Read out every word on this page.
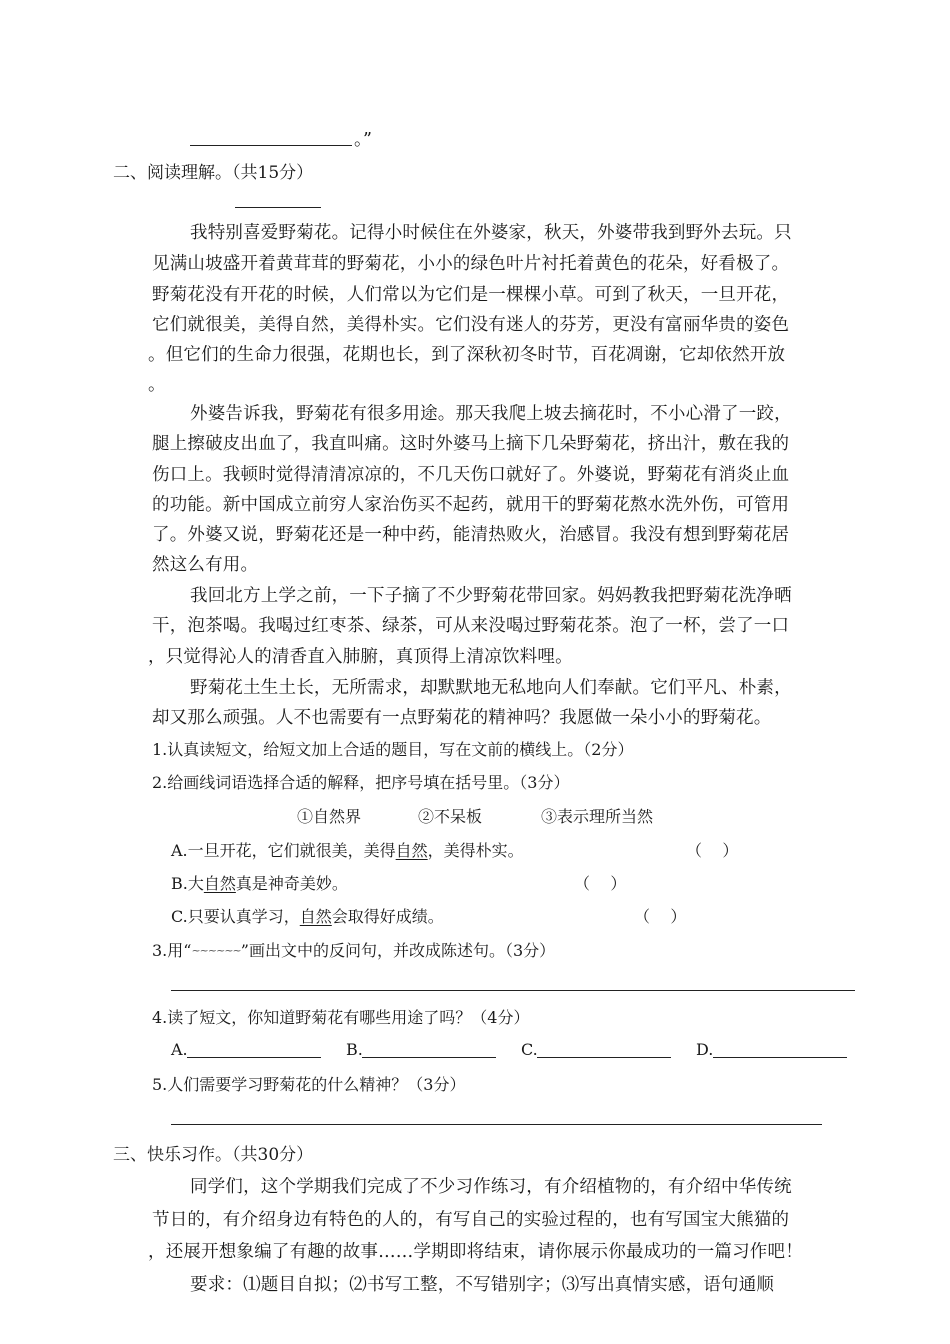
。”
二、阅读理解。（共15分）
我特别喜爱野菊花。记得小时候住在外婆家，秋天，外婆带我到野外去玩。只
见满山坡盛开着黄茸茸的野菊花，小小的绿色叶片衬托着黄色的花朵，好看极了。
野菊花没有开花的时候，人们常以为它们是一棵棵小草。可到了秋天，一旦开花，
它们就很美，美得自然，美得朴实。它们没有迷人的芬芳，更没有富丽华贵的姿色
。但它们的生命力很强，花期也长，到了深秋初冬时节，百花凋谢，它却依然开放
。
外婆告诉我，野菊花有很多用途。那天我爬上坡去摘花时，不小心滑了一跤，
腿上擦破皮出血了，我直叫痛。这时外婆马上摘下几朵野菊花，挤出汁，敷在我的
伤口上。我顿时觉得清清凉凉的，不几天伤口就好了。外婆说，野菊花有消炎止血
的功能。新中国成立前穷人家治伤买不起药，就用干的野菊花熬水洗外伤，可管用
了。外婆又说，野菊花还是一种中药，能清热败火，治感冒。我没有想到野菊花居
然这么有用。
我回北方上学之前，一下子摘了不少野菊花带回家。妈妈教我把野菊花洗净晒
干，泡茶喝。我喝过红枣茶、绿茶，可从来没喝过野菊花茶。泡了一杯，尝了一口
，只觉得沁人的清香直入肺腑，真顶得上清凉饮料哩。
野菊花土生土长，无所需求，却默默地无私地向人们奉献。它们平凡、朴素，
却又那么顽强。人不也需要有一点野菊花的精神吗？我愿做一朵小小的野菊花。
1.认真读短文，给短文加上合适的题目，写在文前的横线上。（2分）
2.给画线词语选择合适的解释，把序号填在括号里。（3分）
①自然界	②不呆板	③表示理所当然
A.一旦开花，它们就很美，美得自然，美得朴实。	（    ）
B.大自然真是神奇美妙。	（    ）
C.只要认真学习，自然会取得好成绩。	（    ）
3.用“~~~~~~”画出文中的反问句，并改成陈述句。（3分）
4.读了短文，你知道野菊花有哪些用途了吗？（4分）
A.	B.	C.	D.
5.人们需要学习野菊花的什么精神？（3分）
三、快乐习作。（共30分）
同学们，这个学期我们完成了不少习作练习，有介绍植物的，有介绍中华传统
节日的，有介绍身边有特色的人的，有写自己的实验过程的，也有写国宝大熊猫的
，还展开想象编了有趣的故事……学期即将结束，请你展示你最成功的一篇习作吧！
要求：⑴题目自拟；⑵书写工整，不写错别字；⑶写出真情实感，语句通顺
